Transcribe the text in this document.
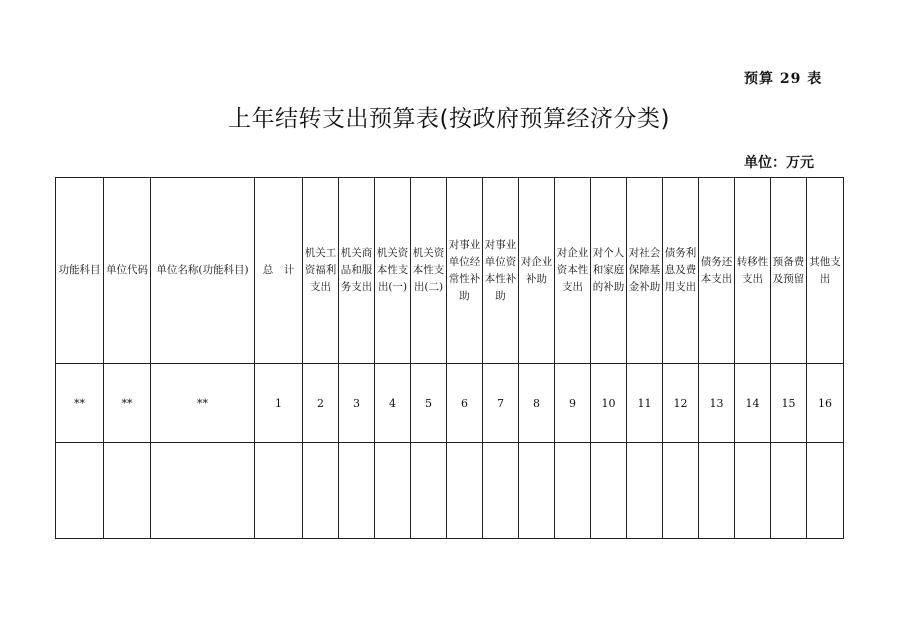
预算 29 表
上年结转支出预算表(按政府预算经济分类)
单位：万元
功能科目	单位代码	单位名称(功能科目)	总　计	机关工资福利支出	机关商品和服务支出	机关资本性支出(一)	机关资本性支出(二)	对事业单位经常性补助	对事业单位资本性补助	对企业补助	对企业资本性支出	对个人和家庭的补助	对社会保障基金补助	债务利息及费用支出	债务还本支出	转移性支出	预备费及预留	其他支出
**	**	**	1	2	3	4	5	6	7	8	9	10	11	12	13	14	15	16
